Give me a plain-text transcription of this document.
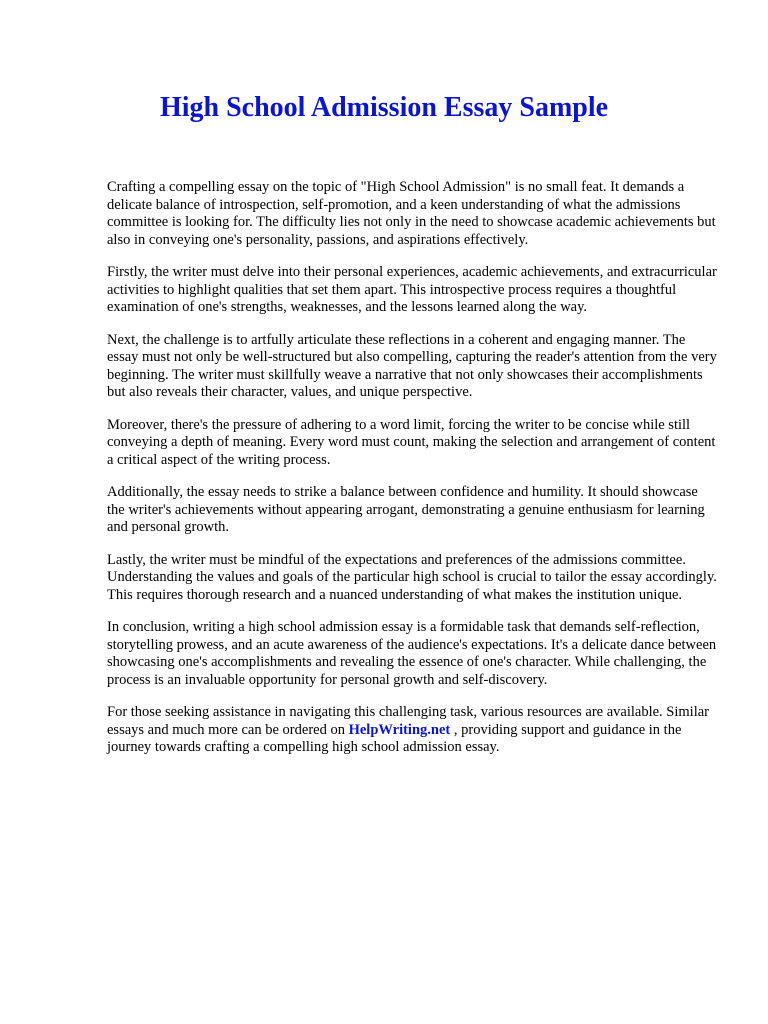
High School Admission Essay Sample

Crafting a compelling essay on the topic of "High School Admission" is no small feat. It demands a delicate balance of introspection, self-promotion, and a keen understanding of what the admissions committee is looking for. The difficulty lies not only in the need to showcase academic achievements but also in conveying one's personality, passions, and aspirations effectively.

Firstly, the writer must delve into their personal experiences, academic achievements, and extracurricular activities to highlight qualities that set them apart. This introspective process requires a thoughtful examination of one's strengths, weaknesses, and the lessons learned along the way.

Next, the challenge is to artfully articulate these reflections in a coherent and engaging manner. The essay must not only be well-structured but also compelling, capturing the reader's attention from the very beginning. The writer must skillfully weave a narrative that not only showcases their accomplishments but also reveals their character, values, and unique perspective.

Moreover, there's the pressure of adhering to a word limit, forcing the writer to be concise while still conveying a depth of meaning. Every word must count, making the selection and arrangement of content a critical aspect of the writing process.

Additionally, the essay needs to strike a balance between confidence and humility. It should showcase the writer's achievements without appearing arrogant, demonstrating a genuine enthusiasm for learning and personal growth.

Lastly, the writer must be mindful of the expectations and preferences of the admissions committee. Understanding the values and goals of the particular high school is crucial to tailor the essay accordingly. This requires thorough research and a nuanced understanding of what makes the institution unique.

In conclusion, writing a high school admission essay is a formidable task that demands self-reflection, storytelling prowess, and an acute awareness of the audience's expectations. It's a delicate dance between showcasing one's accomplishments and revealing the essence of one's character. While challenging, the process is an invaluable opportunity for personal growth and self-discovery.

For those seeking assistance in navigating this challenging task, various resources are available. Similar essays and much more can be ordered on HelpWriting.net , providing support and guidance in the journey towards crafting a compelling high school admission essay.
